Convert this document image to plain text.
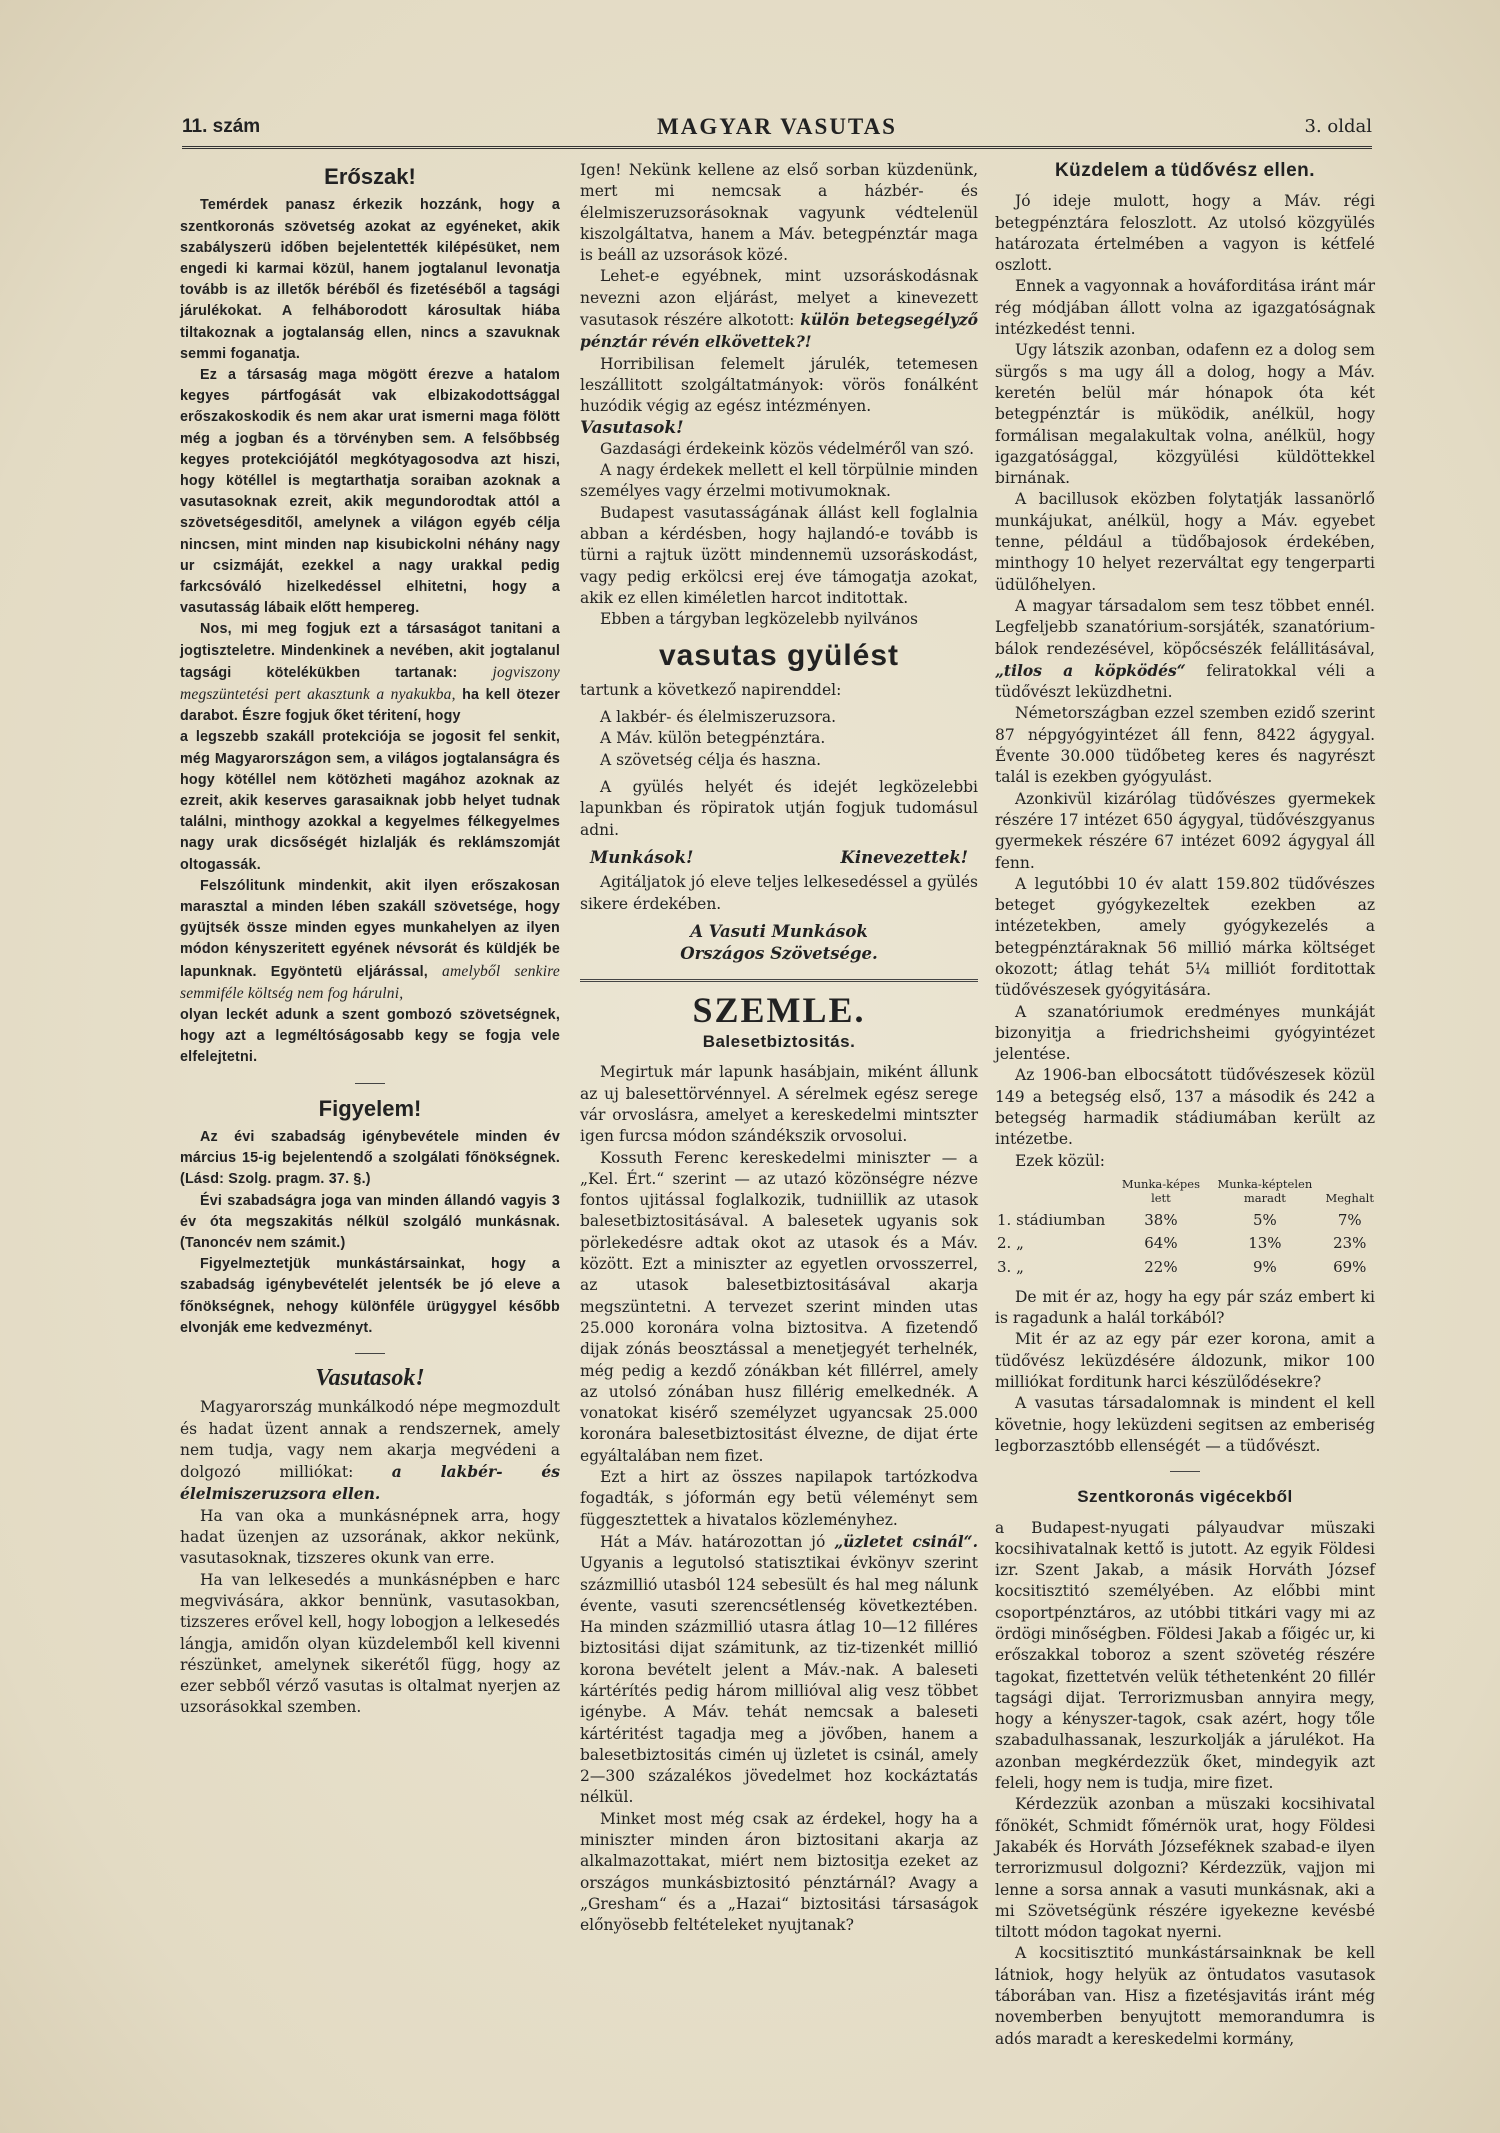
11. szám	MAGYAR VASUTAS	3. oldal
Erőszak!

Temérdek panasz érkezik hozzánk, hogy a szentkoronás szövetség azokat az egyéneket, akik szabályszerü időben bejelentették kilépésüket, nem engedi ki karmai közül, hanem jogtalanul levonatja tovább is az illetők béréből és fizetéséből a tagsági járulékokat. A felháborodott károsultak hiába tiltakoznak a jogtalanság ellen, nincs a szavuknak semmi foganatja.

Ez a társaság maga mögött érezve a hatalom kegyes pártfogását vak elbizakodottsággal erőszakoskodik és nem akar urat ismerni maga fölött még a jogban és a törvényben sem. A felsőbbség kegyes protekciójától megkótyagosodva azt hiszi, hogy kötéllel is megtarthatja soraiban azoknak a vasutasoknak ezreit, akik megundorodtak attól a szövetségesditől, amelynek a világon egyéb célja nincsen, mint minden nap kisubickolni néhány nagy ur csizmáját, ezekkel a nagy urakkal pedig farkcsóváló hizelkedéssel elhitetni, hogy a vasutasság lábaik előtt hempereg.

Nos, mi meg fogjuk ezt a társaságot tanitani a jogtiszteletre. Mindenkinek a nevében, akit jogtalanul tagsági kötelékükben tartanak: jogviszony megszüntetési pert akasztunk a nyakukba, ha kell ötezer darabot. Észre fogjuk őket téritení, hogy

a legszebb szakáll protekciója se jogosit fel senkit, még Magyarországon sem, a világos jogtalanságra és hogy kötéllel nem kötözheti magához azoknak az ezreit, akik keserves garasaiknak jobb helyet tudnak találni, minthogy azokkal a kegyelmes félkegyelmes nagy urak dicsőségét hizlalják és reklámszomját oltogassák.

Felszólitunk mindenkit, akit ilyen erőszakosan marasztal a minden lében szakáll szövetsége, hogy gyüjtsék össze minden egyes munkahelyen az ilyen módon kényszeritett egyének névsorát és küldjék be lapunknak. Egyöntetü eljárással, amelyből senkire semmiféle költség nem fog hárulni,

olyan leckét adunk a szent gombozó szövetségnek, hogy azt a legméltóságosabb kegy se fogja vele elfelejtetni.

Figyelem!

Az évi szabadság igénybevétele minden év március 15-ig bejelentendő a szolgálati főnökségnek. (Lásd: Szolg. pragm. 37. §.)

Évi szabadságra joga van minden állandó vagyis 3 év óta megszakitás nélkül szolgáló munkásnak. (Tanoncév nem számit.)

Figyelmeztetjük munkástársainkat, hogy a szabadság igénybevételét jelentsék be jó eleve a főnökségnek, nehogy különféle ürügygyel később elvonják eme kedvezményt.

Vasutasok!

Magyarország munkálkodó népe megmozdult és hadat üzent annak a rendszernek, amely nem tudja, vagy nem akarja megvédeni a dolgozó milliókat: a lakbér- és élelmiszeruzsora ellen.

Ha van oka a munkásnépnek arra, hogy hadat üzenjen az uzsorának, akkor nekünk, vasutasoknak, tizszeres okunk van erre.

Ha van lelkesedés a munkásnépben e harc megvivására, akkor bennünk, vasutasokban, tizszeres erővel kell, hogy lobogjon a lelkesedés lángja, amidőn olyan küzdelemből kell kivenni részünket, amelynek sikerétől függ, hogy az ezer sebből vérző vasutas is oltalmat nyerjen az uzsorásokkal szemben.

Igen! Nekünk kellene az első sorban küzdenünk, mert mi nemcsak a házbér- és élelmiszeruzsorásoknak vagyunk védtelenül kiszolgáltatva, hanem a Máv. betegpénztár maga is beáll az uzsorások közé.

Lehet-e egyébnek, mint uzsoráskodásnak nevezni azon eljárást, melyet a kinevezett vasutasok részére alkotott: külön betegsegélyző pénztár révén elkövettek?!

Horribilisan felemelt járulék, tetemesen leszállitott szolgáltatmányok: vörös fonálként huzódik végig az egész intézményen.

Vasutasok!

Gazdasági érdekeink közös védelméről van szó.

A nagy érdekek mellett el kell törpülnie minden személyes vagy érzelmi motivumoknak.

Budapest vasutasságának állást kell foglalnia abban a kérdésben, hogy hajlandó-e tovább is türni a rajtuk üzött mindennemü uzsoráskodást, vagy pedig erkölcsi erej éve támogatja azokat, akik ez ellen kiméletlen harcot inditottak.

Ebben a tárgyban legközelebb nyilvános

vasutas gyülést

tartunk a következő napirenddel:

A lakbér- és élelmiszeruzsora.
A Máv. külön betegpénztára.
A szövetség célja és haszna.

A gyülés helyét és idejét legközelebbi lapunkban és röpiratok utján fogjuk tudomásul adni.

Munkások!	Kinevezettek!

Agitáljatok jó eleve teljes lelkesedéssel a gyülés sikere érdekében.

A Vasuti Munkások
Országos Szövetsége.
SZEMLE.
Balesetbiztositás.

Megirtuk már lapunk hasábjain, miként állunk az uj balesettörvénnyel. A sérelmek egész serege vár orvoslásra, amelyet a kereskedelmi mintszter igen furcsa módon szándékszik orvosolui.

Kossuth Ferenc kereskedelmi miniszter — a „Kel. Ért.“ szerint — az utazó közönségre nézve fontos ujitással foglalkozik, tudniillik az utasok balesetbiztositásával. A balesetek ugyanis sok pörlekedésre adtak okot az utasok és a Máv. között. Ezt a miniszter az egyetlen orvosszerrel, az utasok balesetbiztositásával akarja megszüntetni. A tervezet szerint minden utas 25.000 koronára volna biztositva. A fizetendő dijak zónás beosztással a menetjegyét terhelnék, még pedig a kezdő zónákban két fillérrel, amely az utolsó zónában husz fillérig emelkednék. A vonatokat kisérő személyzet ugyancsak 25.000 koronára balesetbiztositást élvezne, de dijat érte egyáltalában nem fizet.

Ezt a hirt az összes napilapok tartózkodva fogadták, s jóformán egy betü véleményt sem függesztettek a hivatalos közleményhez.

Hát a Máv. határozottan jó „üzletet csinál“. Ugyanis a legutolsó statisztikai évkönyv szerint százmillió utasból 124 sebesült és hal meg nálunk évente, vasuti szerencsétlenség következtében. Ha minden százmillió utasra átlag 10—12 filléres biztositási dijat számitunk, az tiz-tizenkét millió korona bevételt jelent a Máv.-nak. A baleseti kártérítés pedig három millióval alig vesz többet igénybe. A Máv. tehát nemcsak a baleseti kártéritést tagadja meg a jövőben, hanem a balesetbiztositás cimén uj üzletet is csinál, amely 2—300 százalékos jövedelmet hoz kockáztatás nélkül.

Minket most még csak az érdekel, hogy ha a miniszter minden áron biztositani akarja az alkalmazottakat, miért nem biztositja ezeket az országos munkásbiztositó pénztárnál? Avagy a „Gresham“ és a „Hazai“ biztositási társaságok előnyösebb feltételeket nyujtanak?

Küzdelem a tüdővész ellen.

Jó ideje mulott, hogy a Máv. régi betegpénztára feloszlott. Az utolsó közgyülés határozata értelmében a vagyon is kétfelé oszlott.

Ennek a vagyonnak a hováforditása iránt már rég módjában állott volna az igazgatóságnak intézkedést tenni.

Ugy látszik azonban, odafenn ez a dolog sem sürgős s ma ugy áll a dolog, hogy a Máv. keretén belül már hónapok óta két betegpénztár is müködik, anélkül, hogy formálisan megalakultak volna, anélkül, hogy igazgatósággal, közgyülési küldöttekkel birnának.

A bacillusok eközben folytatják lassanörlő munkájukat, anélkül, hogy a Máv. egyebet tenne, például a tüdőbajosok érdekében, minthogy 10 helyet rezerváltat egy tengerparti üdülőhelyen.

A magyar társadalom sem tesz többet ennél. Legfeljebb szanatórium-sorsjáték, szanatórium-bálok rendezésével, köpőcsészék felállitásával, „tilos a köpködés“ feliratokkal véli a tüdővészt leküzdhetni.

Németországban ezzel szemben ezidő szerint 87 népgyógyintézet áll fenn, 8422 ágygyal. Évente 30.000 tüdőbeteg keres és nagyrészt talál is ezekben gyógyulást.

Azonkivül kizárólag tüdővészes gyermekek részére 17 intézet 650 ágygyal, tüdővészgyanus gyermekek részére 67 intézet 6092 ágygyal áll fenn.

A legutóbbi 10 év alatt 159.802 tüdővészes beteget gyógykezeltek ezekben az intézetekben, amely gyógykezelés a betegpénztáraknak 56 millió márka költséget okozott; átlag tehát 5¼ milliót forditottak tüdővészesek gyógyitására.

A szanatóriumok eredményes munkáját bizonyitja a friedrichsheimi gyógyintézet jelentése.

Az 1906-ban elbocsátott tüdővészesek közül 149 a betegség első, 137 a második és 242 a betegség harmadik stádiumában került az intézetbe.

Ezek közül:

	Munka-képes lett	Munka-képtelen maradt	Meghalt
1. stádiumban	38%	5%	7%
2. „	64%	13%	23%
3. „	22%	9%	69%

De mit ér az, hogy ha egy pár száz embert ki is ragadunk a halál torkából?

Mit ér az az egy pár ezer korona, amit a tüdővész leküzdésére áldozunk, mikor 100 milliókat forditunk harci készülődésekre?

A vasutas társadalomnak is mindent el kell követnie, hogy leküzdeni segitsen az emberiség legborzasztóbb ellenségét — a tüdővészt.

Szentkoronás vigécekből

a Budapest-nyugati pályaudvar müszaki kocsihivatalnak kettő is jutott. Az egyik Földesi izr. Szent Jakab, a másik Horváth József kocsitisztitó személyében. Az előbbi mint csoportpénztáros, az utóbbi titkári vagy mi az ördögi minőségben. Földesi Jakab a főigéc ur, ki erőszakkal toboroz a szent szövetég részére tagokat, fizettetvén velük téthetenként 20 fillér tagsági dijat. Terrorizmusban annyira megy, hogy a kényszer-tagok, csak azért, hogy tőle szabadulhassanak, leszurkolják a járulékot. Ha azonban megkérdezzük őket, mindegyik azt feleli, hogy nem is tudja, mire fizet.

Kérdezzük azonban a müszaki kocsihivatal főnökét, Schmidt főmérnök urat, hogy Földesi Jakabék és Horváth Józseféknek szabad-e ilyen terrorizmusul dolgozni? Kérdezzük, vajjon mi lenne a sorsa annak a vasuti munkásnak, aki a mi Szövetségünk részére igyekezne kevésbé tiltott módon tagokat nyerni.

A kocsitisztitó munkástársainknak be kell látniok, hogy helyük az öntudatos vasutasok táborában van. Hisz a fizetésjavitás iránt még novemberben benyujtott memorandumra is adós maradt a kereskedelmi kormány,
